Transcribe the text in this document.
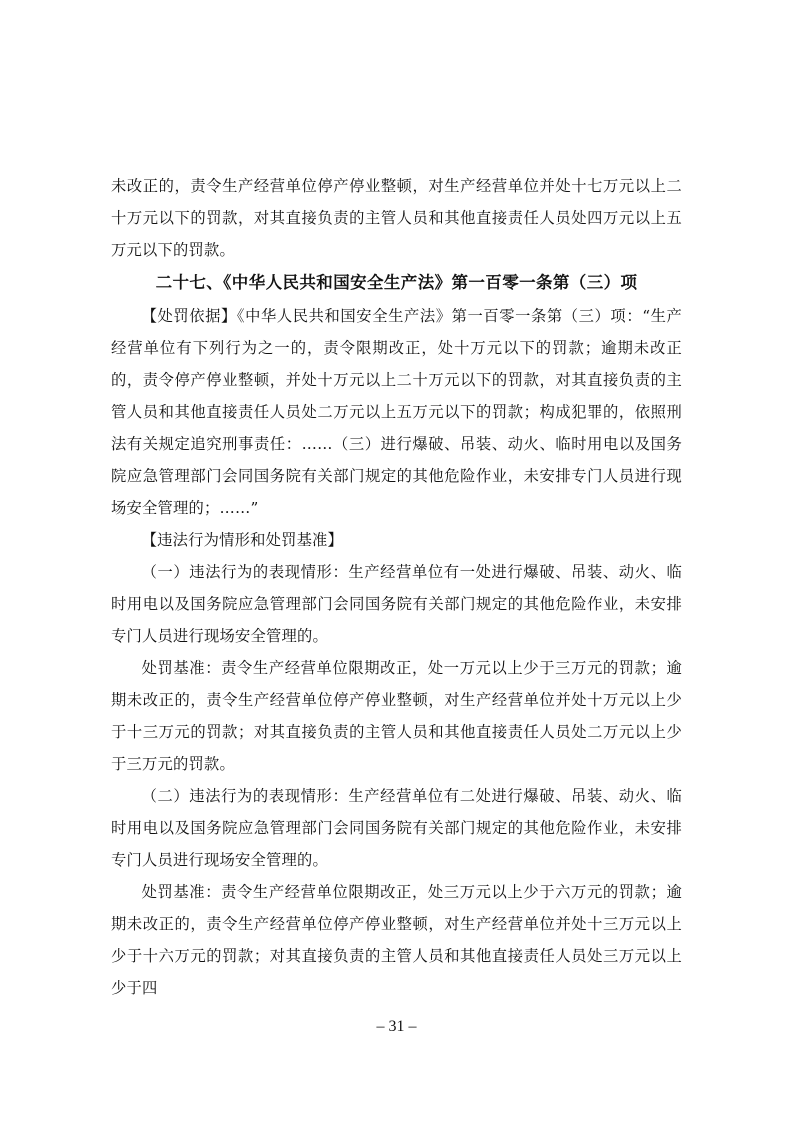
未改正的，责令生产经营单位停产停业整顿，对生产经营单位并处十七万元以上二十万元以下的罚款，对其直接负责的主管人员和其他直接责任人员处四万元以上五万元以下的罚款。

二十七、《中华人民共和国安全生产法》第一百零一条第（三）项

【处罚依据】《中华人民共和国安全生产法》第一百零一条第（三）项：“生产经营单位有下列行为之一的，责令限期改正，处十万元以下的罚款；逾期未改正的，责令停产停业整顿，并处十万元以上二十万元以下的罚款，对其直接负责的主管人员和其他直接责任人员处二万元以上五万元以下的罚款；构成犯罪的，依照刑法有关规定追究刑事责任：……（三）进行爆破、吊装、动火、临时用电以及国务院应急管理部门会同国务院有关部门规定的其他危险作业，未安排专门人员进行现场安全管理的；……”

【违法行为情形和处罚基准】

（一）违法行为的表现情形：生产经营单位有一处进行爆破、吊装、动火、临时用电以及国务院应急管理部门会同国务院有关部门规定的其他危险作业，未安排专门人员进行现场安全管理的。

处罚基准：责令生产经营单位限期改正，处一万元以上少于三万元的罚款；逾期未改正的，责令生产经营单位停产停业整顿，对生产经营单位并处十万元以上少于十三万元的罚款；对其直接负责的主管人员和其他直接责任人员处二万元以上少于三万元的罚款。

（二）违法行为的表现情形：生产经营单位有二处进行爆破、吊装、动火、临时用电以及国务院应急管理部门会同国务院有关部门规定的其他危险作业，未安排专门人员进行现场安全管理的。

处罚基准：责令生产经营单位限期改正，处三万元以上少于六万元的罚款；逾期未改正的，责令生产经营单位停产停业整顿，对生产经营单位并处十三万元以上少于十六万元的罚款；对其直接负责的主管人员和其他直接责任人员处三万元以上少于四

– 31 –
